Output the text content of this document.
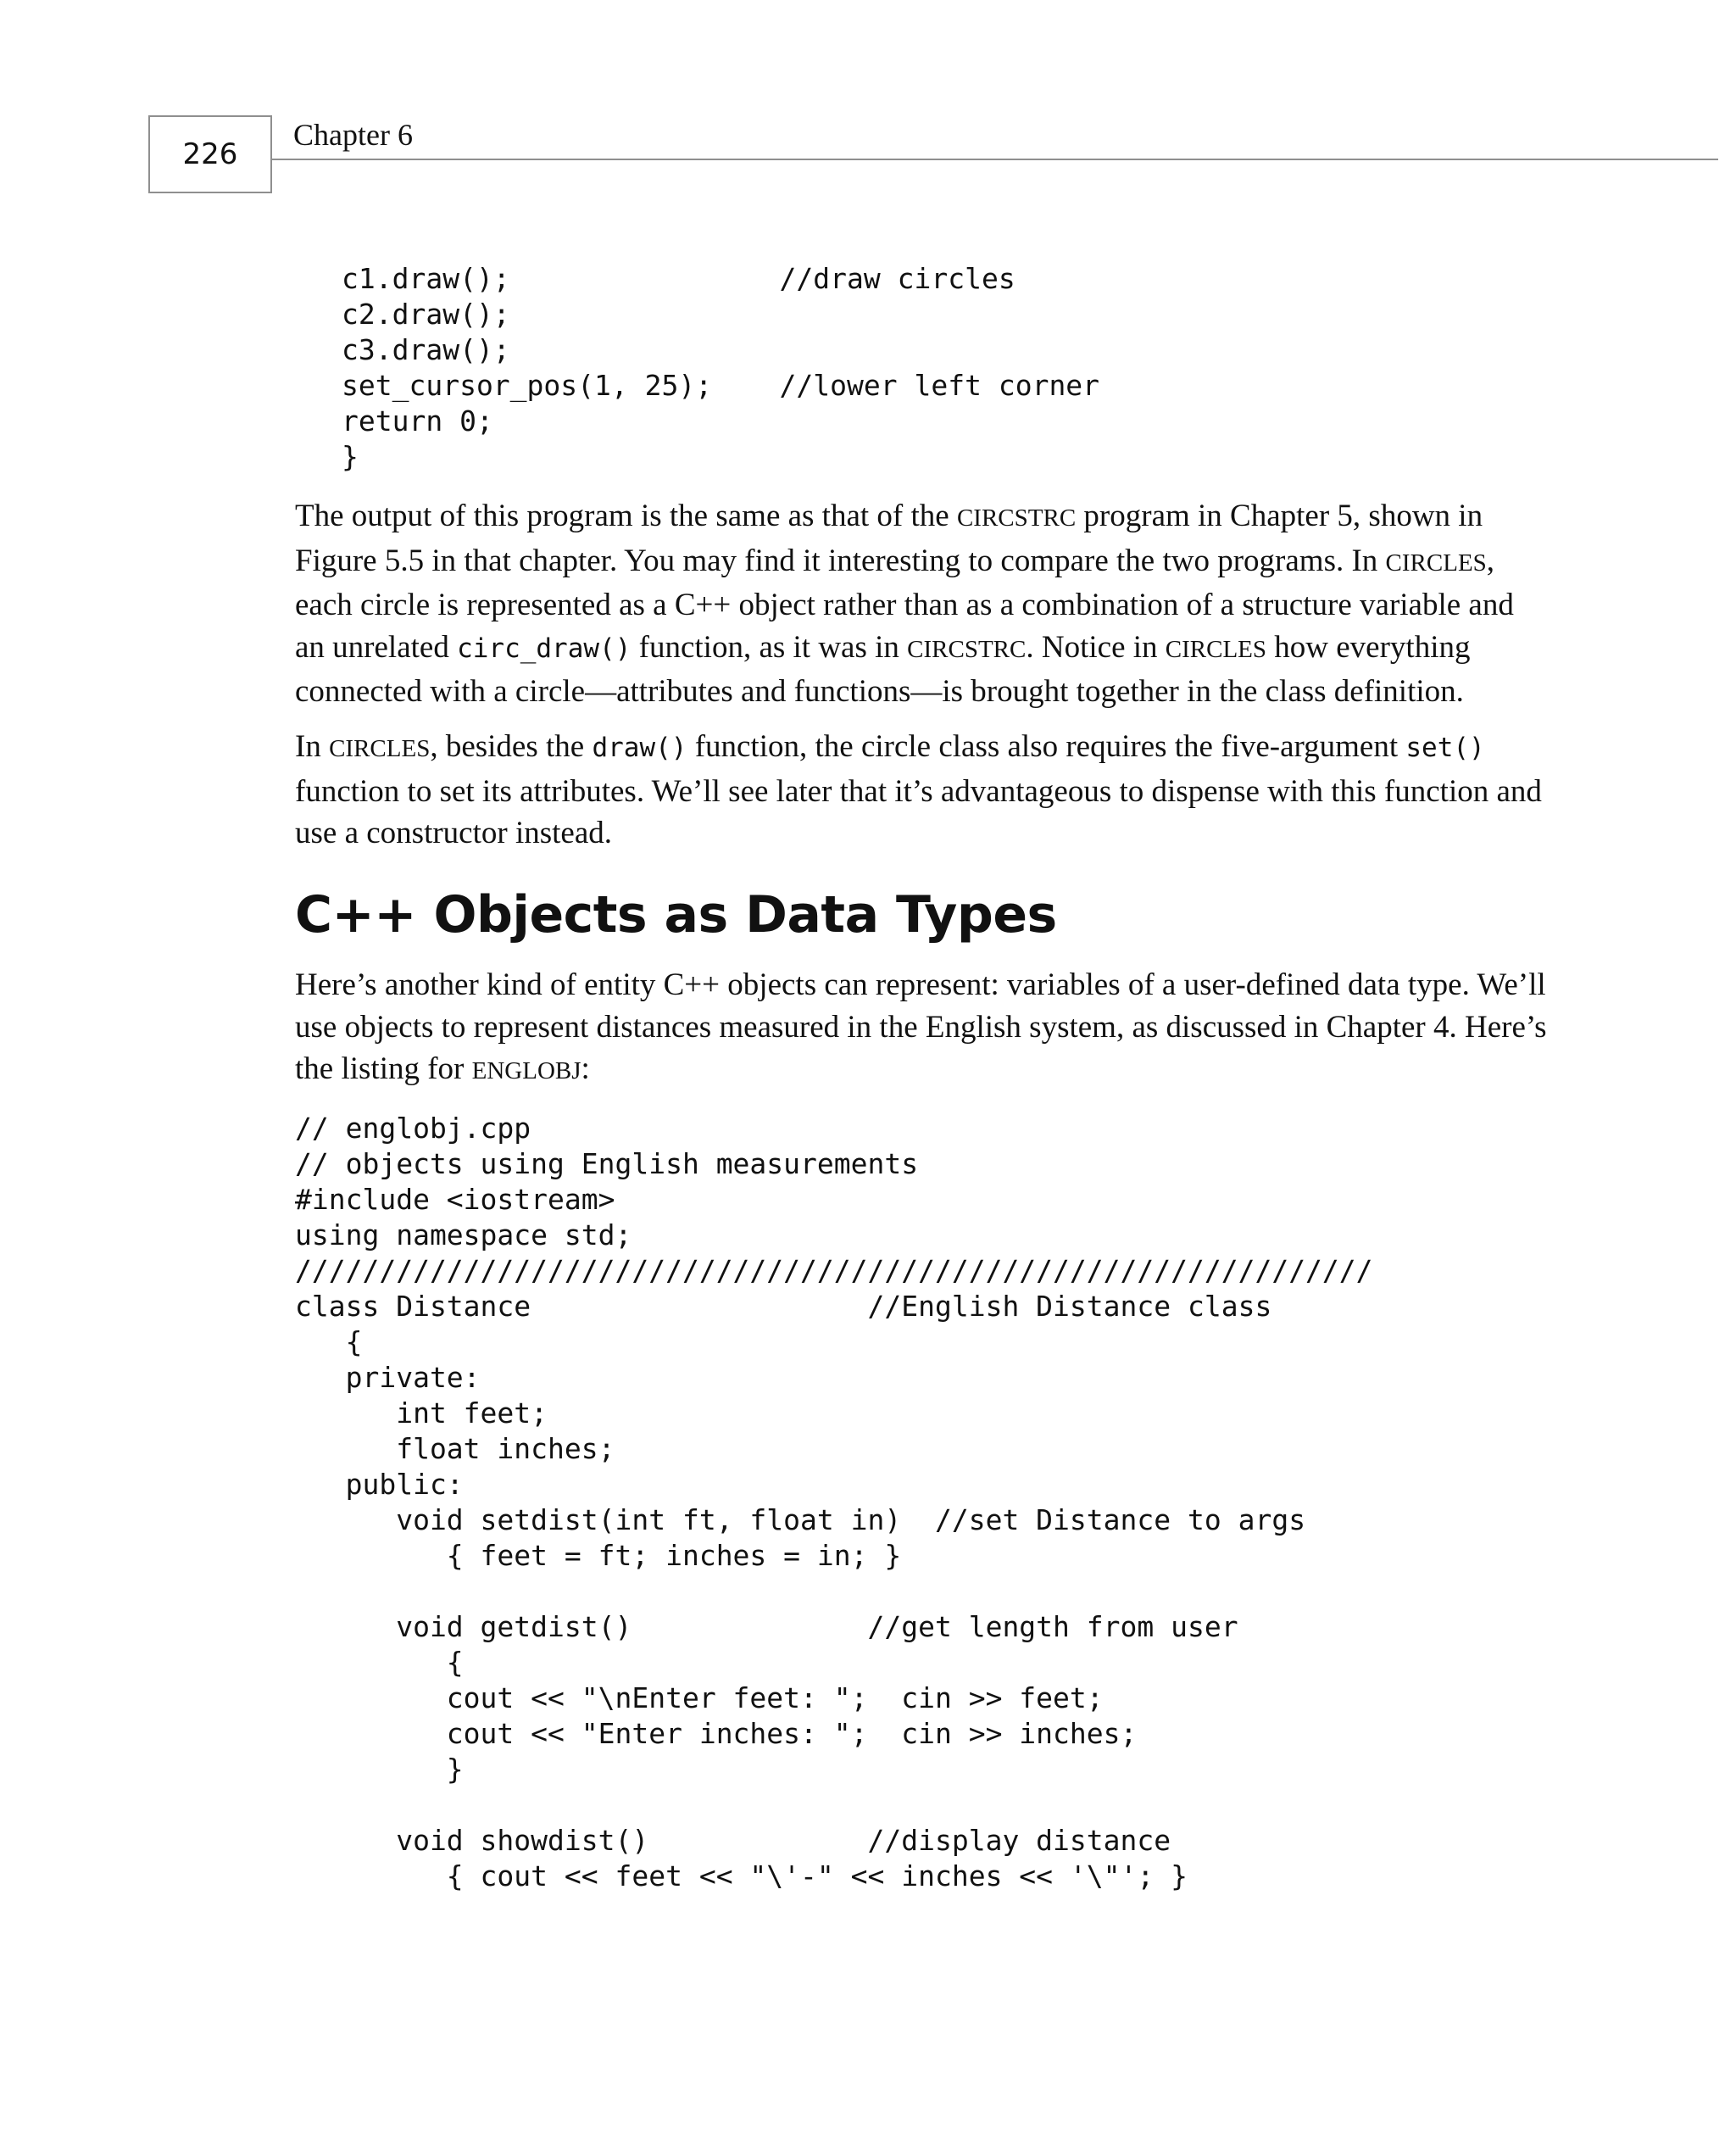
226
Chapter 6
c1.draw();                //draw circles
c2.draw();
c3.draw();
set_cursor_pos(1, 25);    //lower left corner
return 0;
}

The output of this program is the same as that of the CIRCSTRC program in Chapter 5, shown in Figure 5.5 in that chapter. You may find it interesting to compare the two programs. In CIRCLES, each circle is represented as a C++ object rather than as a combination of a structure variable and an unrelated circ_draw() function, as it was in CIRCSTRC. Notice in CIRCLES how everything connected with a circle—attributes and functions—is brought together in the class definition.

In CIRCLES, besides the draw() function, the circle class also requires the five-argument set() function to set its attributes. We’ll see later that it’s advantageous to dispense with this function and use a constructor instead.

C++ Objects as Data Types

Here’s another kind of entity C++ objects can represent: variables of a user-defined data type. We’ll use objects to represent distances measured in the English system, as discussed in Chapter 4. Here’s the listing for ENGLOBJ:

// englobj.cpp
// objects using English measurements
#include <iostream>
using namespace std;
////////////////////////////////////////////////////////////////
class Distance                    //English Distance class
{
private:
int feet;
float inches;
public:
void setdist(int ft, float in)  //set Distance to args
{ feet = ft; inches = in; }

void getdist()              //get length from user
{
cout << "\nEnter feet: ";  cin >> feet;
cout << "Enter inches: ";  cin >> inches;
}

void showdist()             //display distance
{ cout << feet << "\'-" << inches << '\"'; }
